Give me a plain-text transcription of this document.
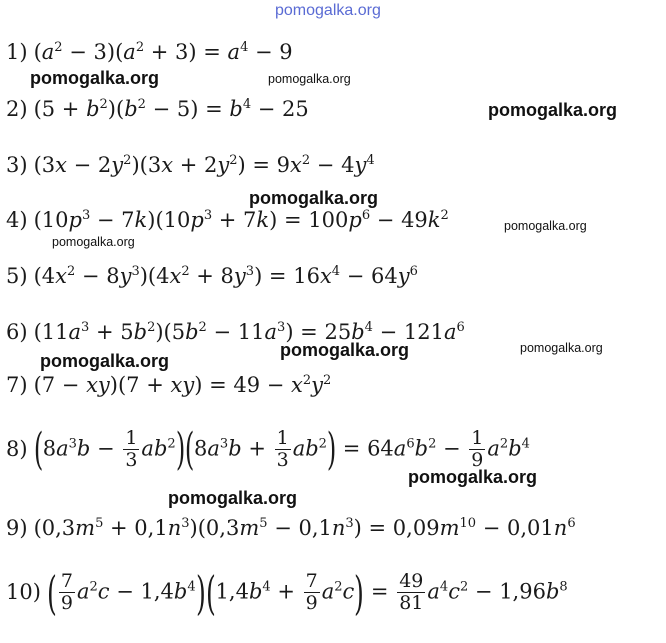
pomogalka.org
1) $(a^2 - 3)(a^2 + 3) = a^4 - 9$
pomogalka.org	pomogalka.org
2) $(5 + b^2)(b^2 - 5) = b^4 - 25$	pomogalka.org
3) $(3x - 2y^2)(3x + 2y^2) = 9x^2 - 4y^4$
pomogalka.org
4) $(10p^3 - 7k)(10p^3 + 7k) = 100p^6 - 49k^2$
pomogalka.org
pomogalka.org
5) $(4x^2 - 8y^3)(4x^2 + 8y^3) = 16x^4 - 64y^6$
6) $(11a^3 + 5b^2)(5b^2 - 11a^3) = 25b^4 - 121a^6$
pomogalka.org	pomogalka.org
pomogalka.org
7) $(7 - xy)(7 + xy) = 49 - x^2y^2$
8) $(8a^3b - \frac{1}{3} ab^2)(8a^3b + \frac{1}{3} ab^2) = 64a^6b^2 - \frac{1}{9} a^2b^4$
pomogalka.org
pomogalka.org
9) $(0,3m^5 + 0,1n^3)(0,3m^5 - 0,1n^3) = 0,09m^{10} - 0,01n^6$
10) ( $\frac{7}{9} a^2c - 1,4b^4)(1,4b^4 + \frac{7}{9} a^2c) = \frac{49}{81} a^4c^2 - 1,96b^8$
